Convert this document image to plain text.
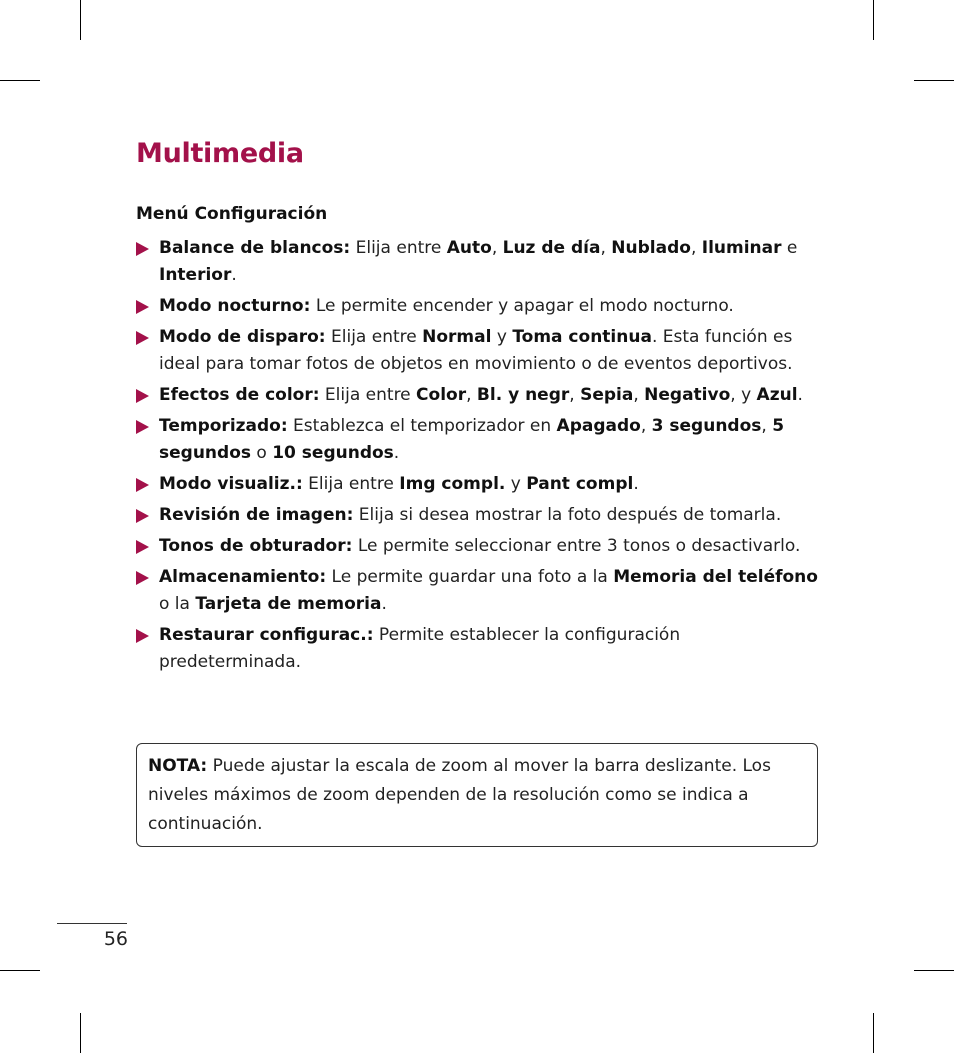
Multimedia
Menú Configuración
Balance de blancos: Elija entre Auto, Luz de día, Nublado, Iluminar e Interior.
Modo nocturno: Le permite encender y apagar el modo nocturno.
Modo de disparo: Elija entre Normal y Toma continua. Esta función es ideal para tomar fotos de objetos en movimiento o de eventos deportivos.
Efectos de color: Elija entre Color, Bl. y negr, Sepia, Negativo, y Azul.
Temporizado: Establezca el temporizador en Apagado, 3 segundos, 5 segundos o 10 segundos.
Modo visualiz.: Elija entre Img compl. y Pant compl.
Revisión de imagen: Elija si desea mostrar la foto después de tomarla.
Tonos de obturador: Le permite seleccionar entre 3 tonos o desactivarlo.
Almacenamiento: Le permite guardar una foto a la Memoria del teléfono o la Tarjeta de memoria.
Restaurar configurac.: Permite establecer la configuración predeterminada.
NOTA: Puede ajustar la escala de zoom al mover la barra deslizante. Los niveles máximos de zoom dependen de la resolución como se indica a continuación.
56
